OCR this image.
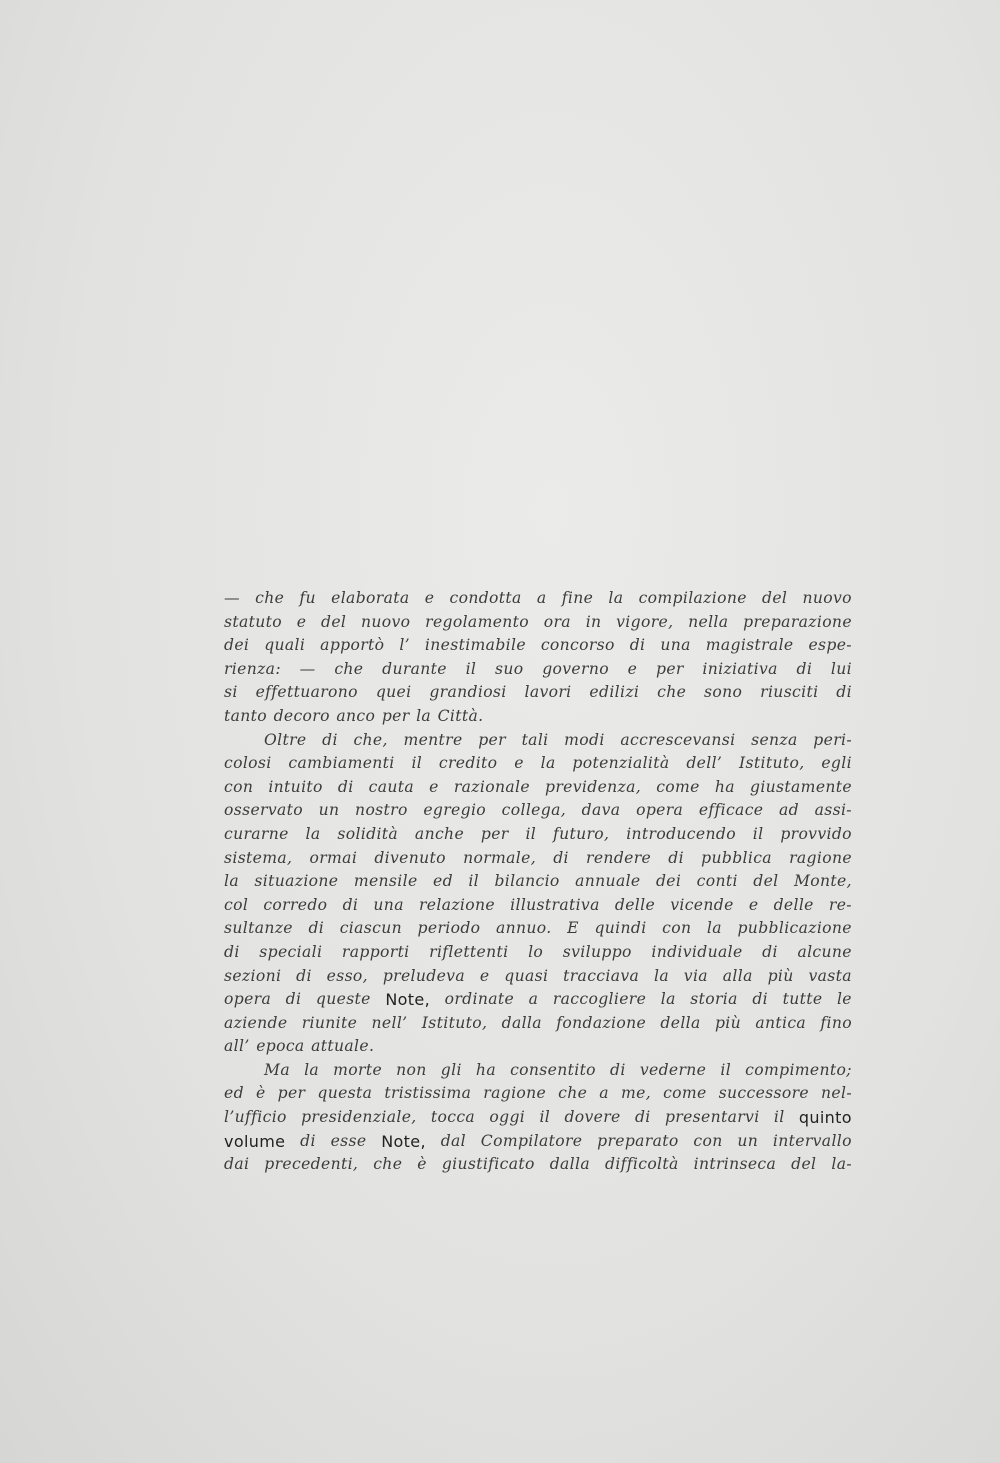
— che fu elaborata e condotta a fine la compilazione del nuovo
statuto e del nuovo regolamento ora in vigore, nella preparazione
dei quali apportò l’ inestimabile concorso di una magistrale espe-
rienza: — che durante il suo governo e per iniziativa di lui
si effettuarono quei grandiosi lavori edilizi che sono riusciti di
tanto decoro anco per la Città.
Oltre di che, mentre per tali modi accrescevansi senza peri-
colosi cambiamenti il credito e la potenzialità dell’ Istituto, egli
con intuito di cauta e razionale previdenza, come ha giustamente
osservato un nostro egregio collega, dava opera efficace ad assi-
curarne la solidità anche per il futuro, introducendo il provvido
sistema, ormai divenuto normale, di rendere di pubblica ragione
la situazione mensile ed il bilancio annuale dei conti del Monte,
col corredo di una relazione illustrativa delle vicende e delle re-
sultanze di ciascun periodo annuo. E quindi con la pubblicazione
di speciali rapporti riflettenti lo sviluppo individuale di alcune
sezioni di esso, preludeva e quasi tracciava la via alla più vasta
opera di queste Note, ordinate a raccogliere la storia di tutte le
aziende riunite nell’ Istituto, dalla fondazione della più antica fino
all’ epoca attuale.
Ma la morte non gli ha consentito di vederne il compimento;
ed è per questa tristissima ragione che a me, come successore nel-
l’ufficio presidenziale, tocca oggi il dovere di presentarvi il quinto
volume di esse Note, dal Compilatore preparato con un intervallo
dai precedenti, che è giustificato dalla difficoltà intrinseca del la-
